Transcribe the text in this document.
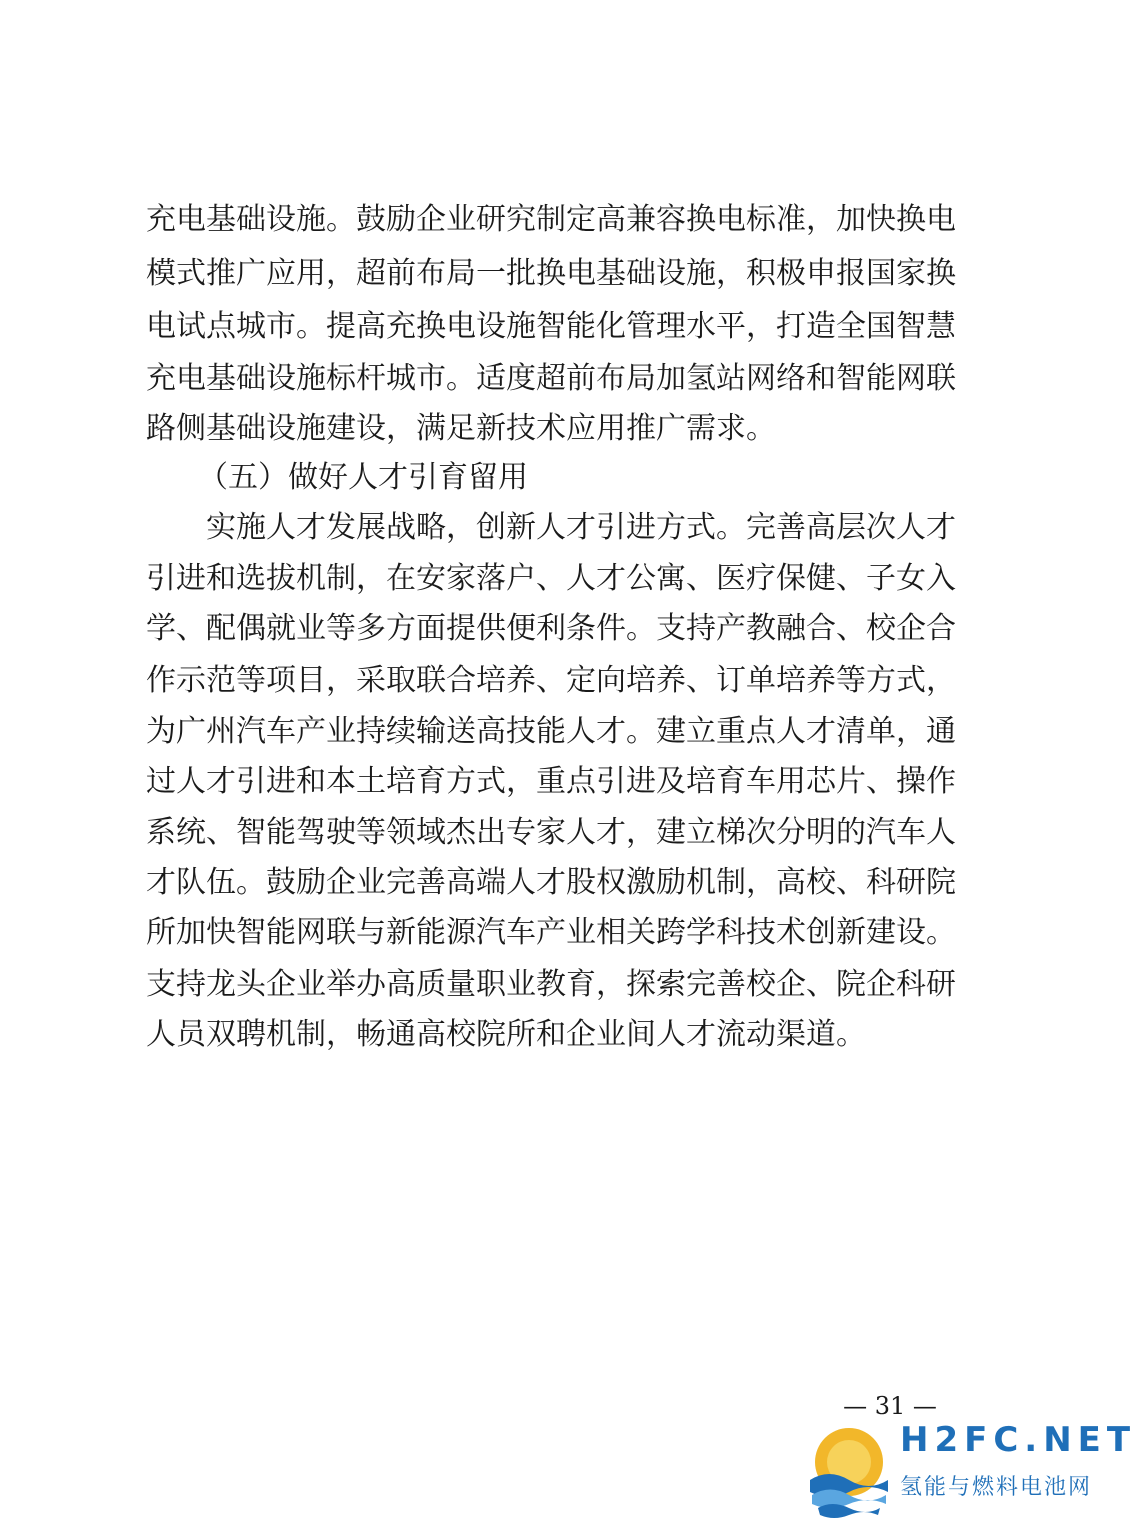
充电基础设施。鼓励企业研究制定高兼容换电标准，加快换电
模式推广应用，超前布局一批换电基础设施，积极申报国家换
电试点城市。提高充换电设施智能化管理水平，打造全国智慧
充电基础设施标杆城市。适度超前布局加氢站网络和智能网联
路侧基础设施建设，满足新技术应用推广需求。
（五）做好人才引育留用
实施人才发展战略，创新人才引进方式。完善高层次人才
引进和选拔机制，在安家落户、人才公寓、医疗保健、子女入
学、配偶就业等多方面提供便利条件。支持产教融合、校企合
作示范等项目，采取联合培养、定向培养、订单培养等方式，
为广州汽车产业持续输送高技能人才。建立重点人才清单，通
过人才引进和本土培育方式，重点引进及培育车用芯片、操作
系统、智能驾驶等领域杰出专家人才，建立梯次分明的汽车人
才队伍。鼓励企业完善高端人才股权激励机制，高校、科研院
所加快智能网联与新能源汽车产业相关跨学科技术创新建设。
支持龙头企业举办高质量职业教育，探索完善校企、院企科研
人员双聘机制，畅通高校院所和企业间人才流动渠道。
— 31 —
H2FC.NET
氢能与燃料电池网
